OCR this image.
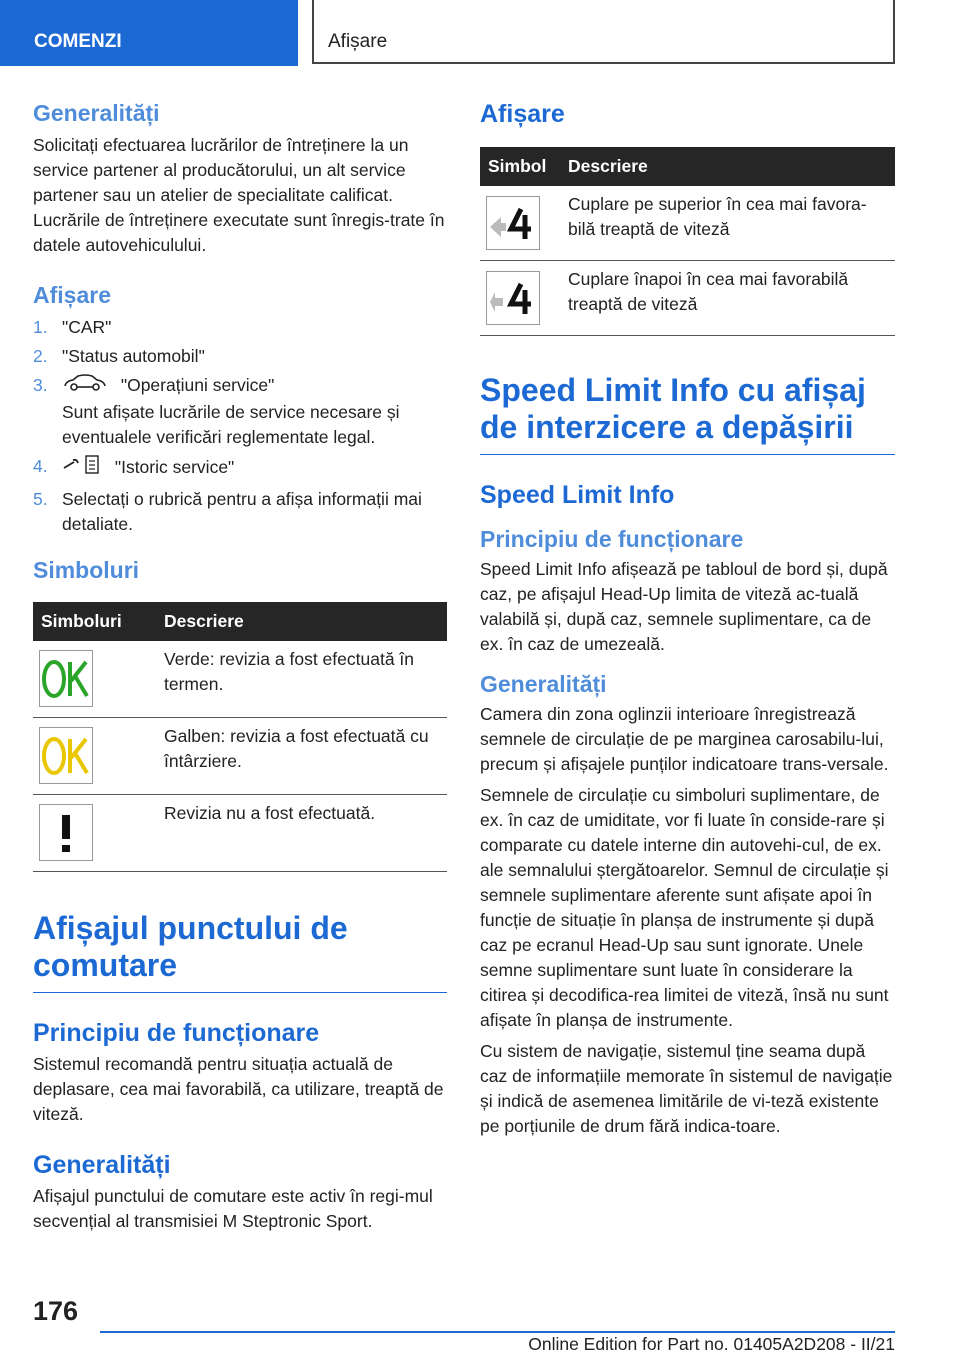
COMENZI	Afișare
Generalități

Solicitați efectuarea lucrărilor de întreținere la un service partener al producătorului, un alt service partener sau un atelier de specialitate calificat. Lucrările de întreținere executate sunt înregis-trate în datele autovehiculului.

Afișare
1. "CAR"
2. "Status automobil"
3.	"Operațiuni service"
Sunt afișate lucrările de service necesare și eventualele verificări reglementate legal.
4.	"Istoric service"
5. Selectați o rubrică pentru a afișa informații mai detaliate.
Simboluri
Simboluri	Descriere

	Verde: revizia a fost efectuată în termen.

	Galben: revizia a fost efectuată cu întârziere.

	Revizia nu a fost efectuată.
Afișajul punctului de comutare
Principiu de funcționare

Sistemul recomandă pentru situația actuală de deplasare, cea mai favorabilă, ca utilizare, treaptă de viteză.

Generalități

Afișajul punctului de comutare este activ în regi-mul secvențial al transmisiei M Steptronic Sport.

Afișare
Simbol	Descriere

	Cuplare pe superior în cea mai favora-bilă treaptă de viteză

	Cuplare înapoi în cea mai favorabilă treaptă de viteză
Speed Limit Info cu afișaj de interzicere a depășirii
Speed Limit Info
Principiu de funcționare

Speed Limit Info afișează pe tabloul de bord și, după caz, pe afișajul Head-Up limita de viteză ac-tuală valabilă și, după caz, semnele suplimentare, ca de ex. în caz de umezeală.

Generalități

Camera din zona oglinzii interioare înregistrează semnele de circulație de pe marginea carosabilu-lui, precum și afișajele punților indicatoare trans-versale.

Semnele de circulație cu simboluri suplimentare, de ex. în caz de umiditate, vor fi luate în conside-rare și comparate cu datele interne din autovehi-cul, de ex. ale semnalului ștergătoarelor. Semnul de circulație și semnele suplimentare aferente sunt afișate apoi în funcție de situație în planșa de instrumente și după caz pe ecranul Head-Up sau sunt ignorate. Unele semne suplimentare sunt luate în considerare la citirea și decodifica-rea limitei de viteză, însă nu sunt afișate în planșa de instrumente.

Cu sistem de navigație, sistemul ține seama după caz de informațiile memorate în sistemul de navigație și indică de asemenea limitările de vi-teză existente pe porțiunile de drum fără indica-toare.

176
Online Edition for Part no. 01405A2D208 - II/21
